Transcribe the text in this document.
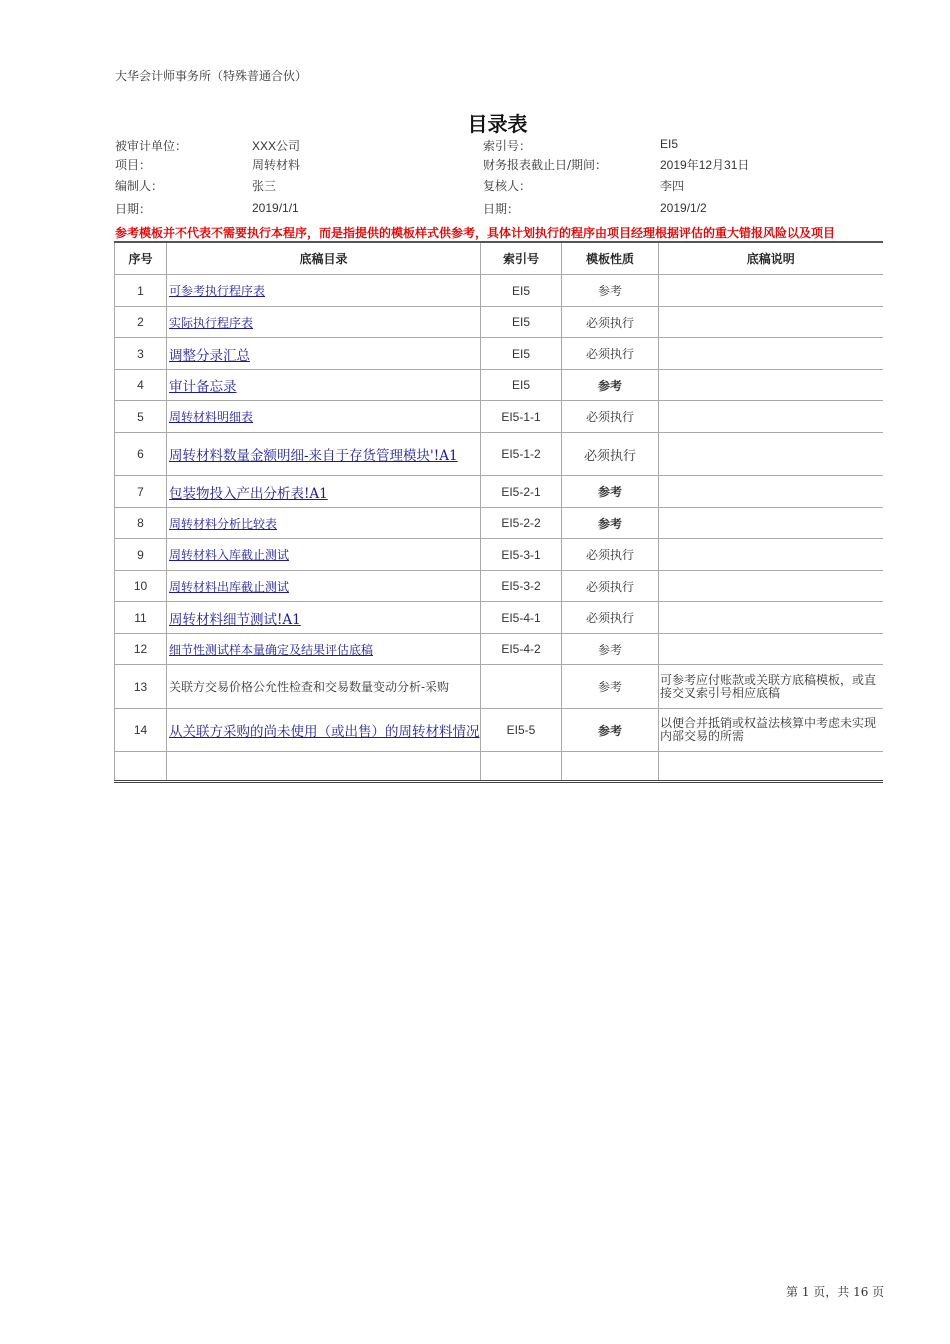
大华会计师事务所（特殊普通合伙）
目录表
被审计单位：	XXX公司	索引号：	EI5
项目：	周转材料	财务报表截止日/期间：	2019年12月31日
编制人：	张三	复核人：	李四
日期：	2019/1/1	日期：	2019/1/2
参考模板并不代表不需要执行本程序，而是指提供的模板样式供参考，具体计划执行的程序由项目经理根据评估的重大错报风险以及项目
序号	底稿目录	索引号	模板性质	底稿说明
1	可参考执行程序表	EI5	参考	
2	实际执行程序表	EI5	必须执行	
3	调整分录汇总	EI5	必须执行	
4	审计备忘录	EI5	参考	
5	周转材料明细表	EI5-1-1	必须执行	
6	周转材料数量金额明细-来自于存货管理模块'!A1	EI5-1-2	必须执行	
7	包装物投入产出分析表!A1	EI5-2-1	参考	
8	周转材料分析比较表	EI5-2-2	参考	
9	周转材料入库截止测试	EI5-3-1	必须执行	
10	周转材料出库截止测试	EI5-3-2	必须执行	
11	周转材料细节测试!A1	EI5-4-1	必须执行	
12	细节性测试样本量确定及结果评估底稿	EI5-4-2	参考	
13	关联方交易价格公允性检查和交易数量变动分析-采购		参考	可参考应付账款或关联方底稿模板，或直接交叉索引号相应底稿
14	从关联方采购的尚未使用（或出售）的周转材料情况	EI5-5	参考	以便合并抵销或权益法核算中考虑未实现内部交易的所需

第 1 页，共 16 页
